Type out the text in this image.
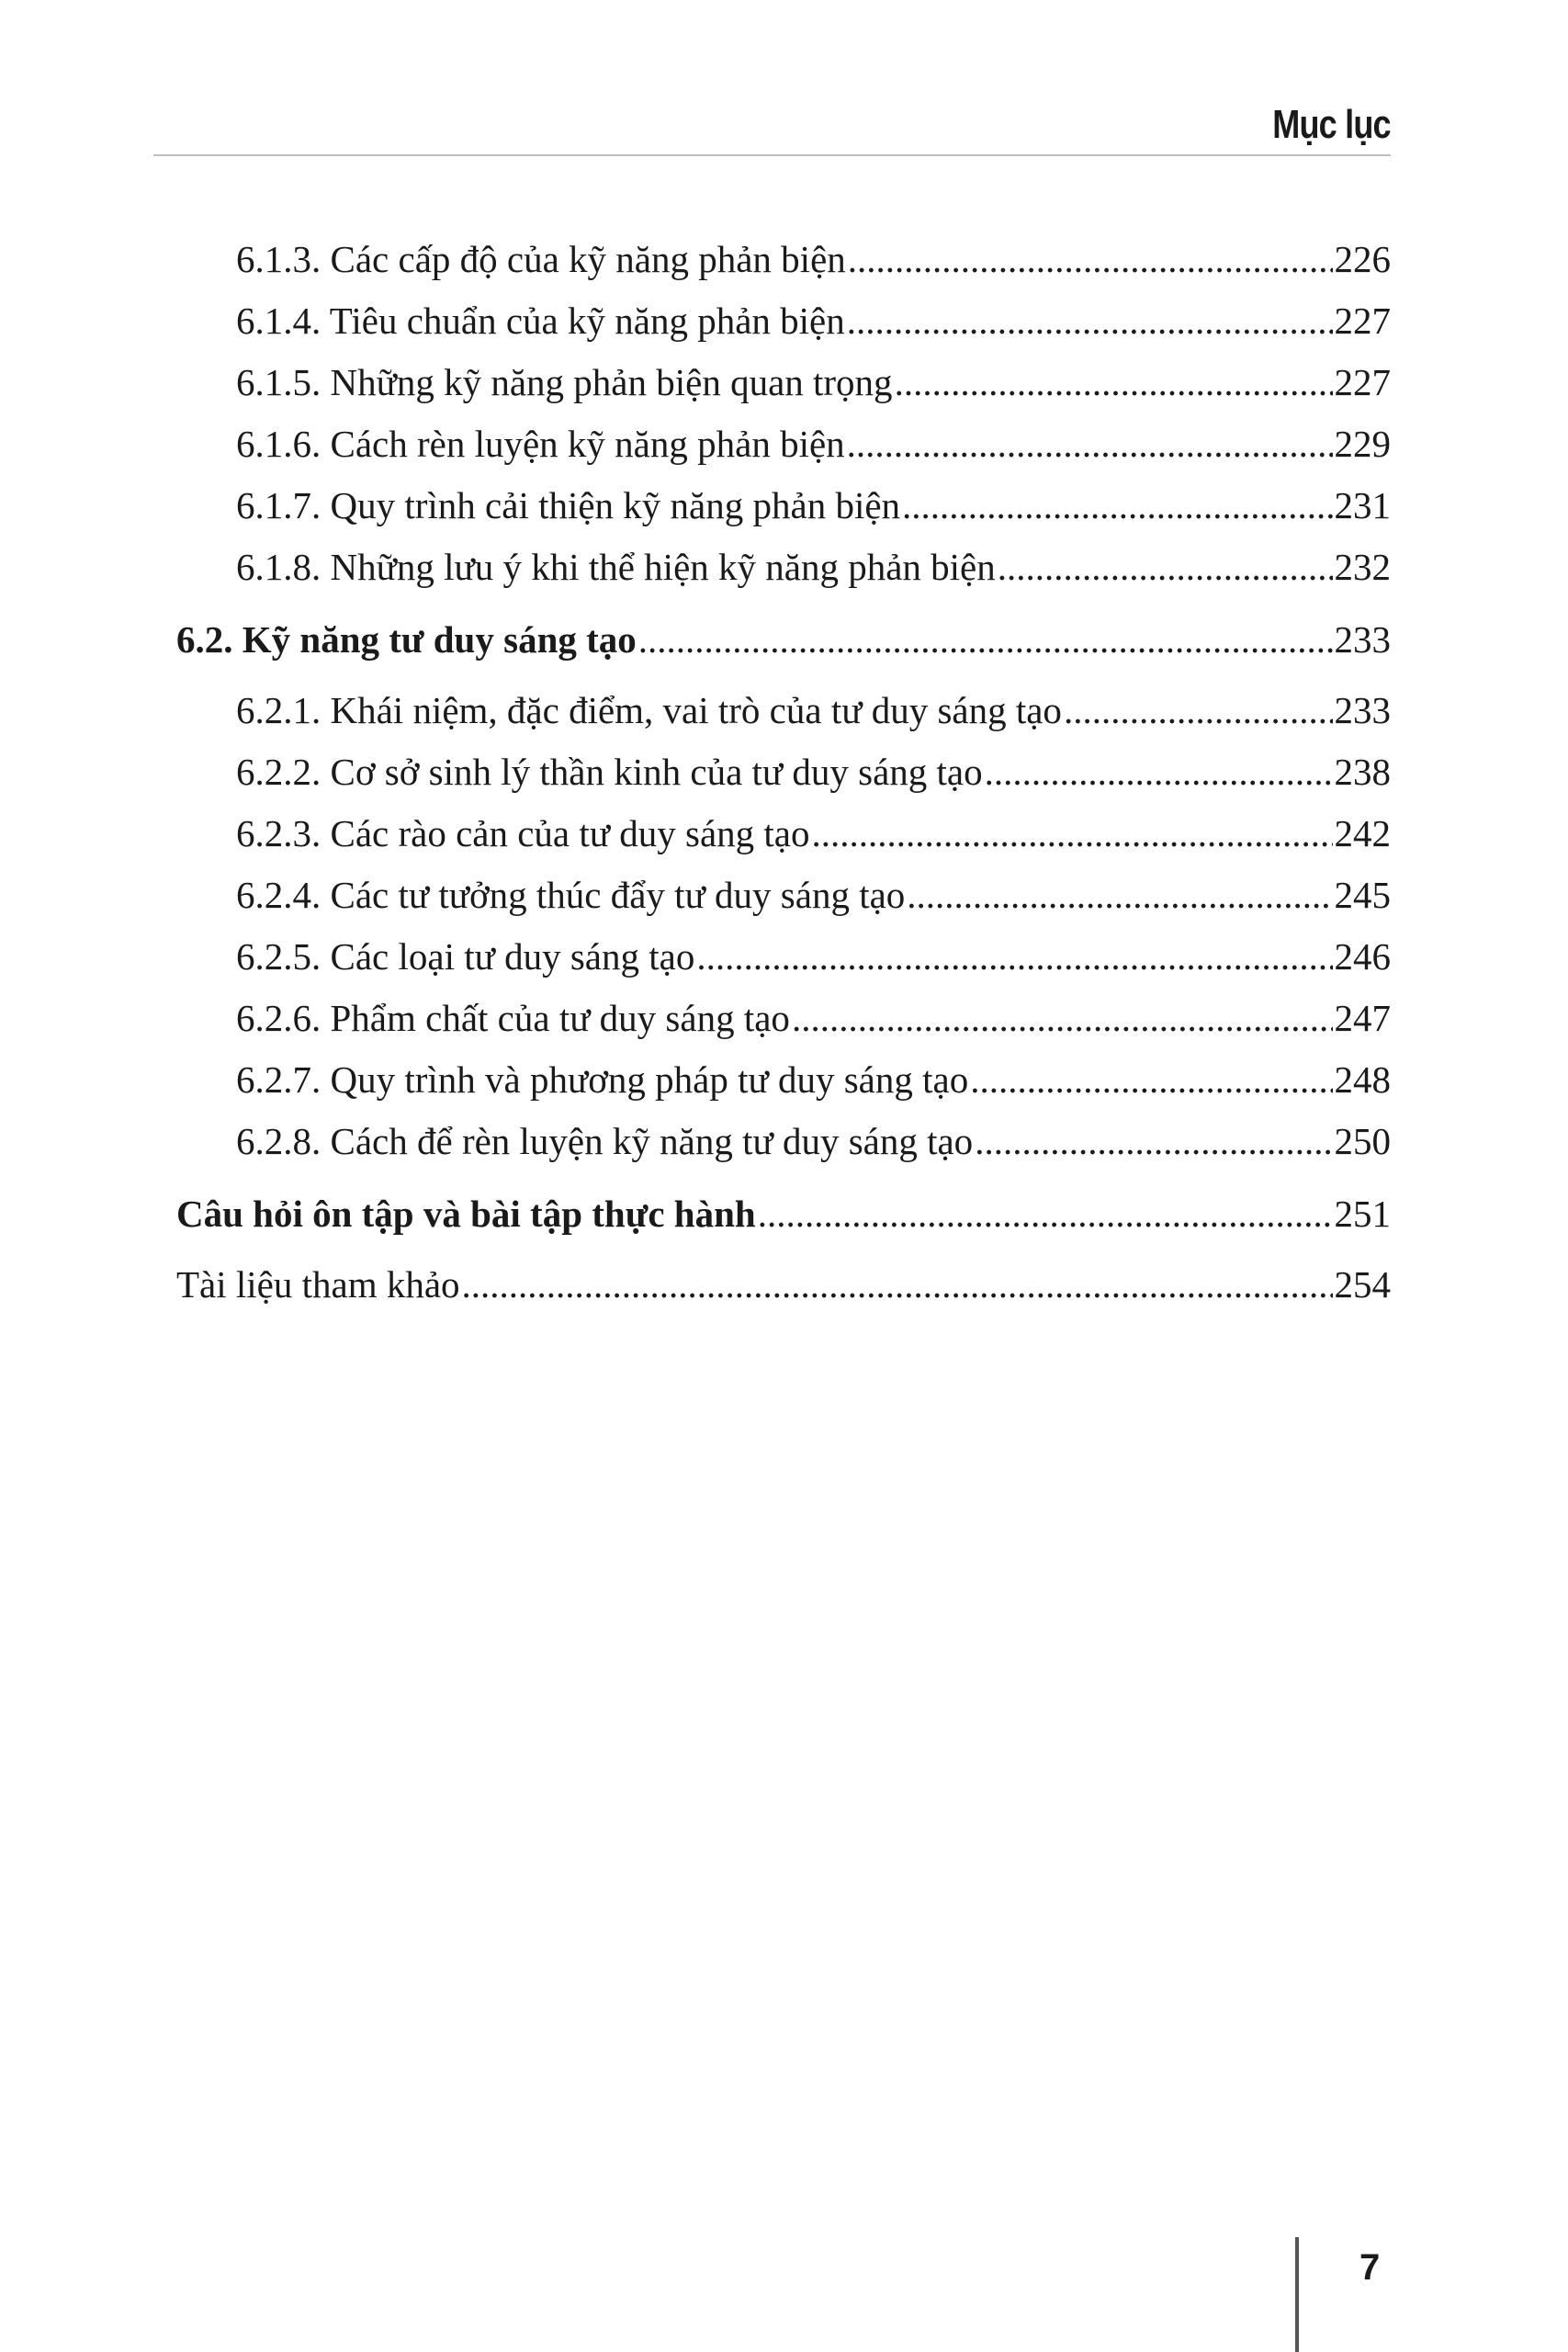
Mục lục
6.1.3. Các cấp độ của kỹ năng phản biện .....	226
6.1.4. Tiêu chuẩn của kỹ năng phản biện .....	227
6.1.5. Những kỹ năng phản biện quan trọng .....	227
6.1.6. Cách rèn luyện kỹ năng phản biện .....	229
6.1.7. Quy trình cải thiện kỹ năng phản biện .....	231
6.1.8. Những lưu ý khi thể hiện kỹ năng phản biện .....	232
6.2. Kỹ năng tư duy sáng tạo .....	233
6.2.1. Khái niệm, đặc điểm, vai trò của tư duy sáng tạo .....	233
6.2.2. Cơ sở sinh lý thần kinh của tư duy sáng tạo .....	238
6.2.3. Các rào cản của tư duy sáng tạo .....	242
6.2.4. Các tư tưởng thúc đẩy tư duy sáng tạo .....	245
6.2.5. Các loại tư duy sáng tạo .....	246
6.2.6. Phẩm chất của tư duy sáng tạo .....	247
6.2.7. Quy trình và phương pháp tư duy sáng tạo .....	248
6.2.8. Cách để rèn luyện kỹ năng tư duy sáng tạo .....	250
Câu hỏi ôn tập và bài tập thực hành .....	251
Tài liệu tham khảo .....	254
7
